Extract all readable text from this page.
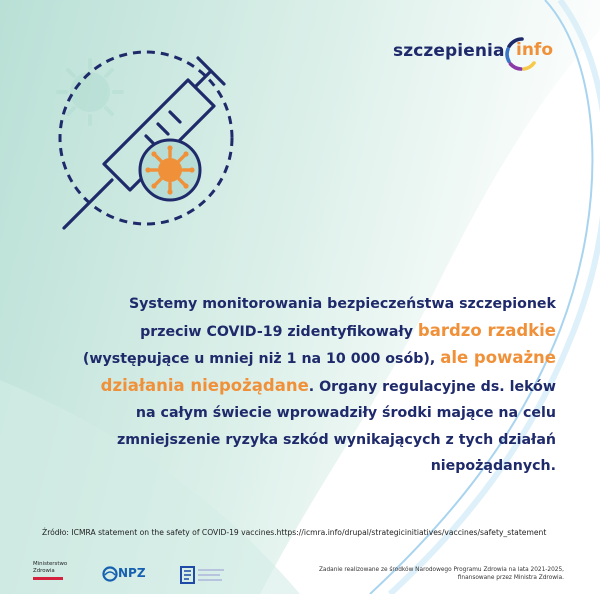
szczepienia info
Systemy monitorowania bezpieczeństwa szczepionek
przeciw COVID-19 zidentyfikowały bardzo rzadkie
(występujące u mniej niż 1 na 10 000 osób), ale poważne
działania niepożądane. Organy regulacyjne ds. leków
na całym świecie wprowadziły środki mające na celu
zmniejszenie ryzyka szkód wynikających z tych działań
niepożądanych.
Źródło: ICMRA statement on the safety of COVID-19 vaccines.https://icmra.info/drupal/strategicinitiatives/vaccines/safety_statement
Ministerstwo
Zdrowia	NPZ	Zadanie realizowane ze środków Narodowego Programu Zdrowia na lata 2021-2025,
finansowane przez Ministra Zdrowia.
